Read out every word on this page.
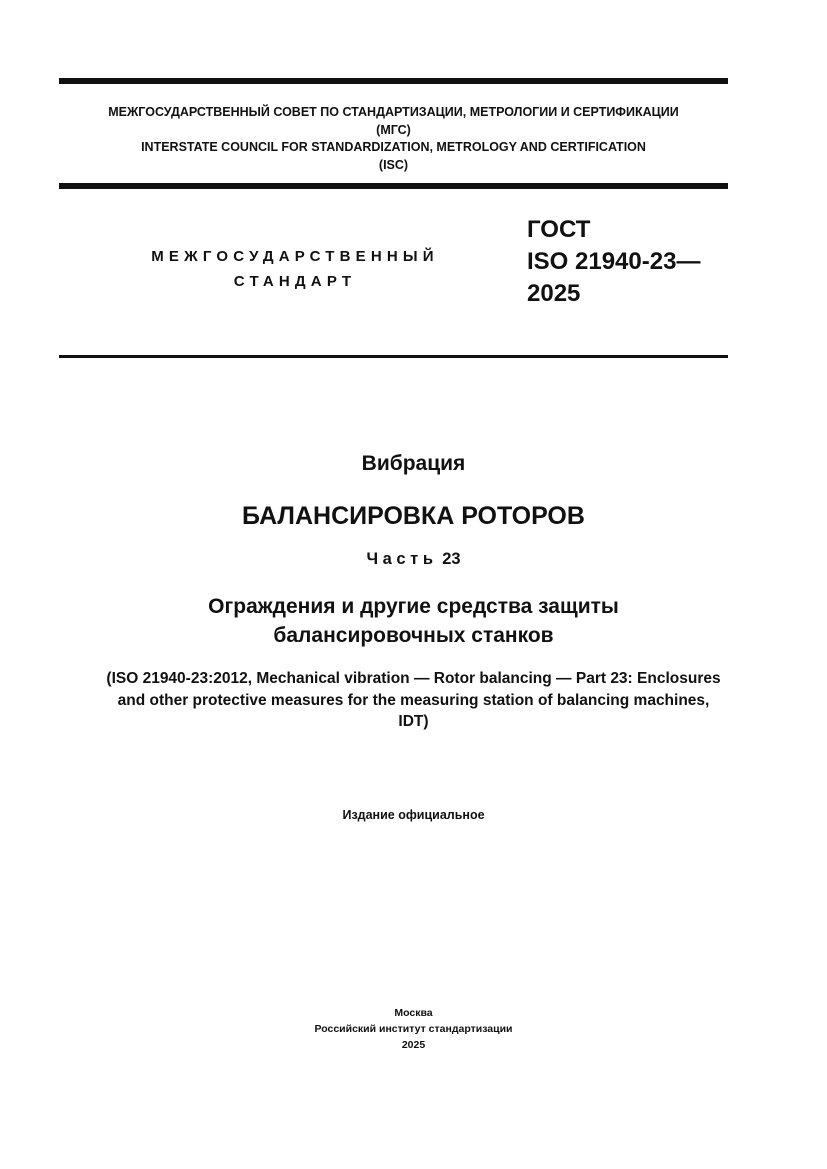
МЕЖГОСУДАРСТВЕННЫЙ СОВЕТ ПО СТАНДАРТИЗАЦИИ, МЕТРОЛОГИИ И СЕРТИФИКАЦИИ
(МГС)
INTERSTATE COUNCIL FOR STANDARDIZATION, METROLOGY AND CERTIFICATION
(ISC)
МЕЖГОСУДАРСТВЕННЫЙ
СТАНДАРТ
ГОСТ
ISO 21940-23—
2025
Вибрация
БАЛАНСИРОВКА РОТОРОВ
Часть 23
Ограждения и другие средства защиты
балансировочных станков
(ISO 21940-23:2012, Mechanical vibration — Rotor balancing — Part 23: Enclosures
and other protective measures for the measuring station of balancing machines,
IDT)
Издание официальное
Москва
Российский институт стандартизации
2025
